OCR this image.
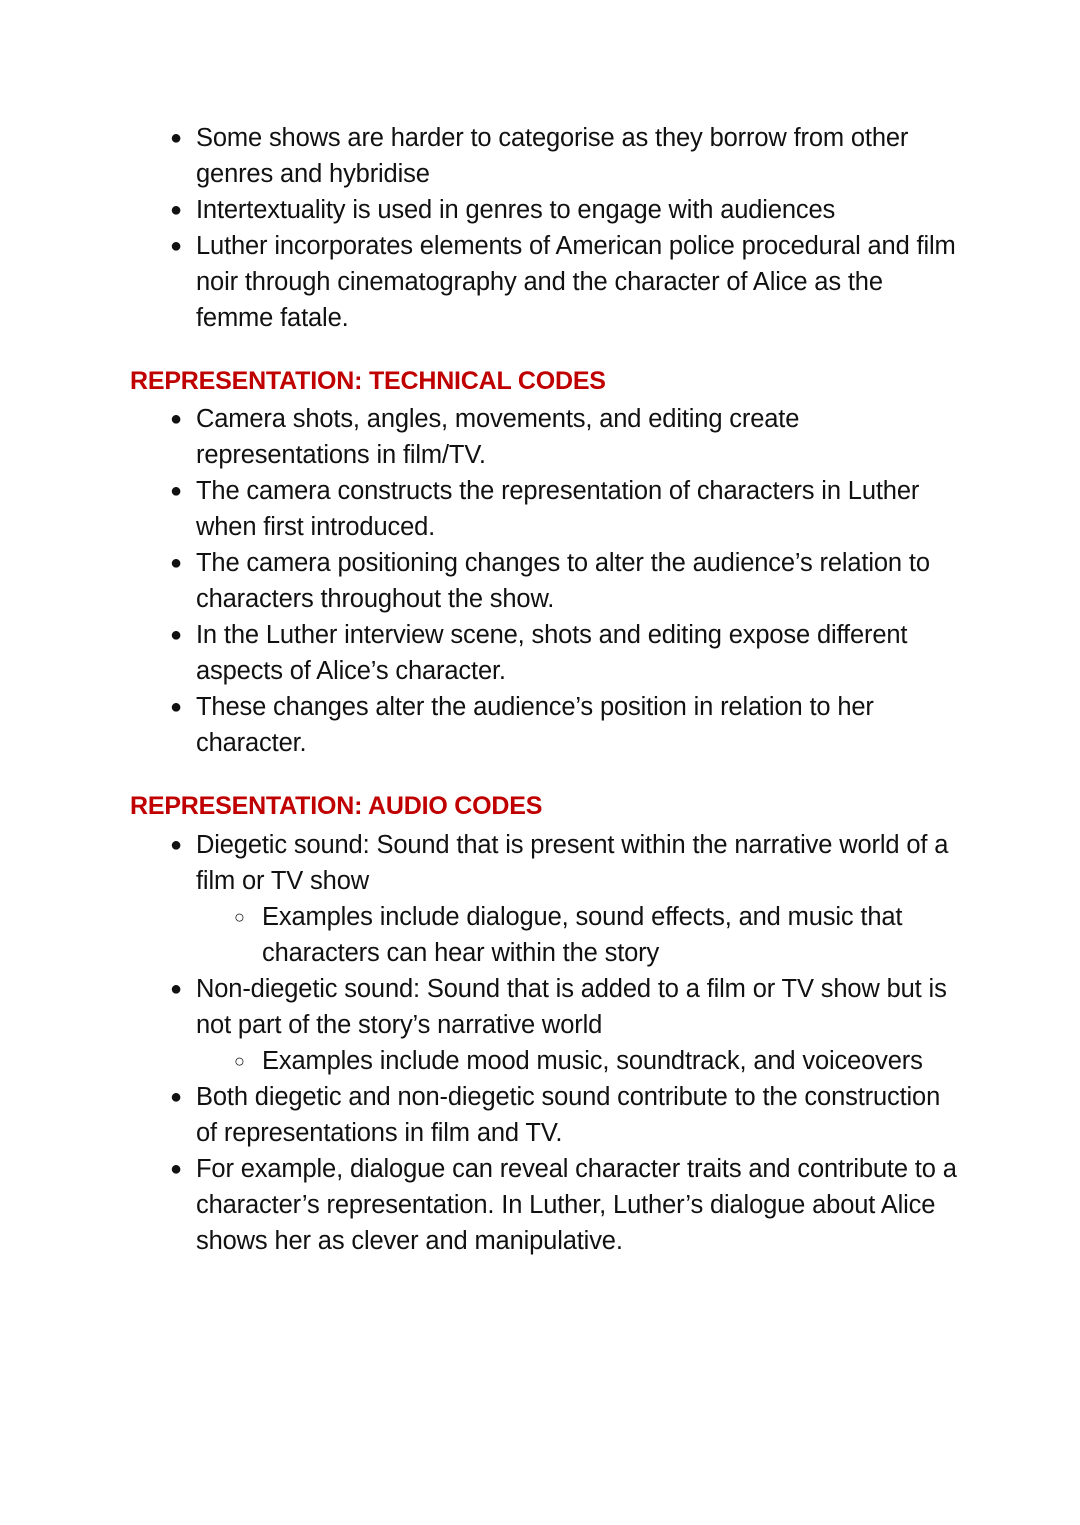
● Some shows are harder to categorise as they borrow from other genres and hybridise
● Intertextuality is used in genres to engage with audiences
● Luther incorporates elements of American police procedural and film noir through cinematography and the character of Alice as the femme fatale.
REPRESENTATION: TECHNICAL CODES
● Camera shots, angles, movements, and editing create representations in film/TV.
● The camera constructs the representation of characters in Luther when first introduced.
● The camera positioning changes to alter the audience’s relation to characters throughout the show.
● In the Luther interview scene, shots and editing expose different aspects of Alice’s character.
● These changes alter the audience’s position in relation to her character.
REPRESENTATION: AUDIO CODES
● Diegetic sound: Sound that is present within the narrative world of a film or TV show
○ Examples include dialogue, sound effects, and music that characters can hear within the story
● Non-diegetic sound: Sound that is added to a film or TV show but is not part of the story’s narrative world
○ Examples include mood music, soundtrack, and voiceovers
● Both diegetic and non-diegetic sound contribute to the construction of representations in film and TV.
● For example, dialogue can reveal character traits and contribute to a character’s representation. In Luther, Luther’s dialogue about Alice shows her as clever and manipulative.
